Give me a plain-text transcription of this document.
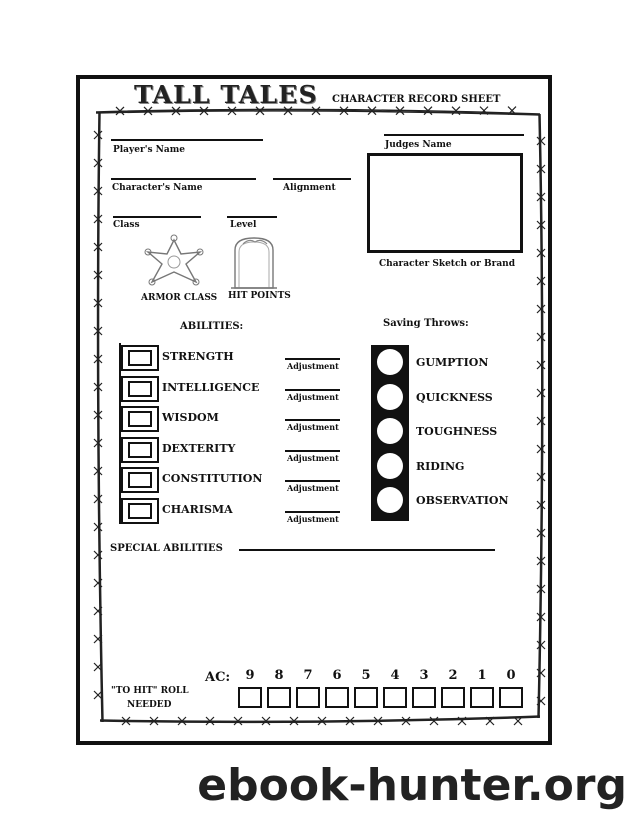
TALL TALES CHARACTER RECORD SHEET
Player's Name	Judges Name
Character's Name	Alignment
Class	Level
Character Sketch or Brand
ARMOR CLASS HIT POINTS
ABILITIES:
STRENGTH
Adjustment
INTELLIGENCE
Adjustment
WISDOM
Adjustment
DEXTERITY
Adjustment
CONSTITUTION
Adjustment
CHARISMA
Adjustment
Saving Throws:
GUMPTION
QUICKNESS
TOUGHNESS
RIDING
OBSERVATION
SPECIAL ABILITIES
AC:
"TO HIT" ROLL
NEEDED
9	8	7	6	5	4	3	2	1	0
ebook-hunter.org
